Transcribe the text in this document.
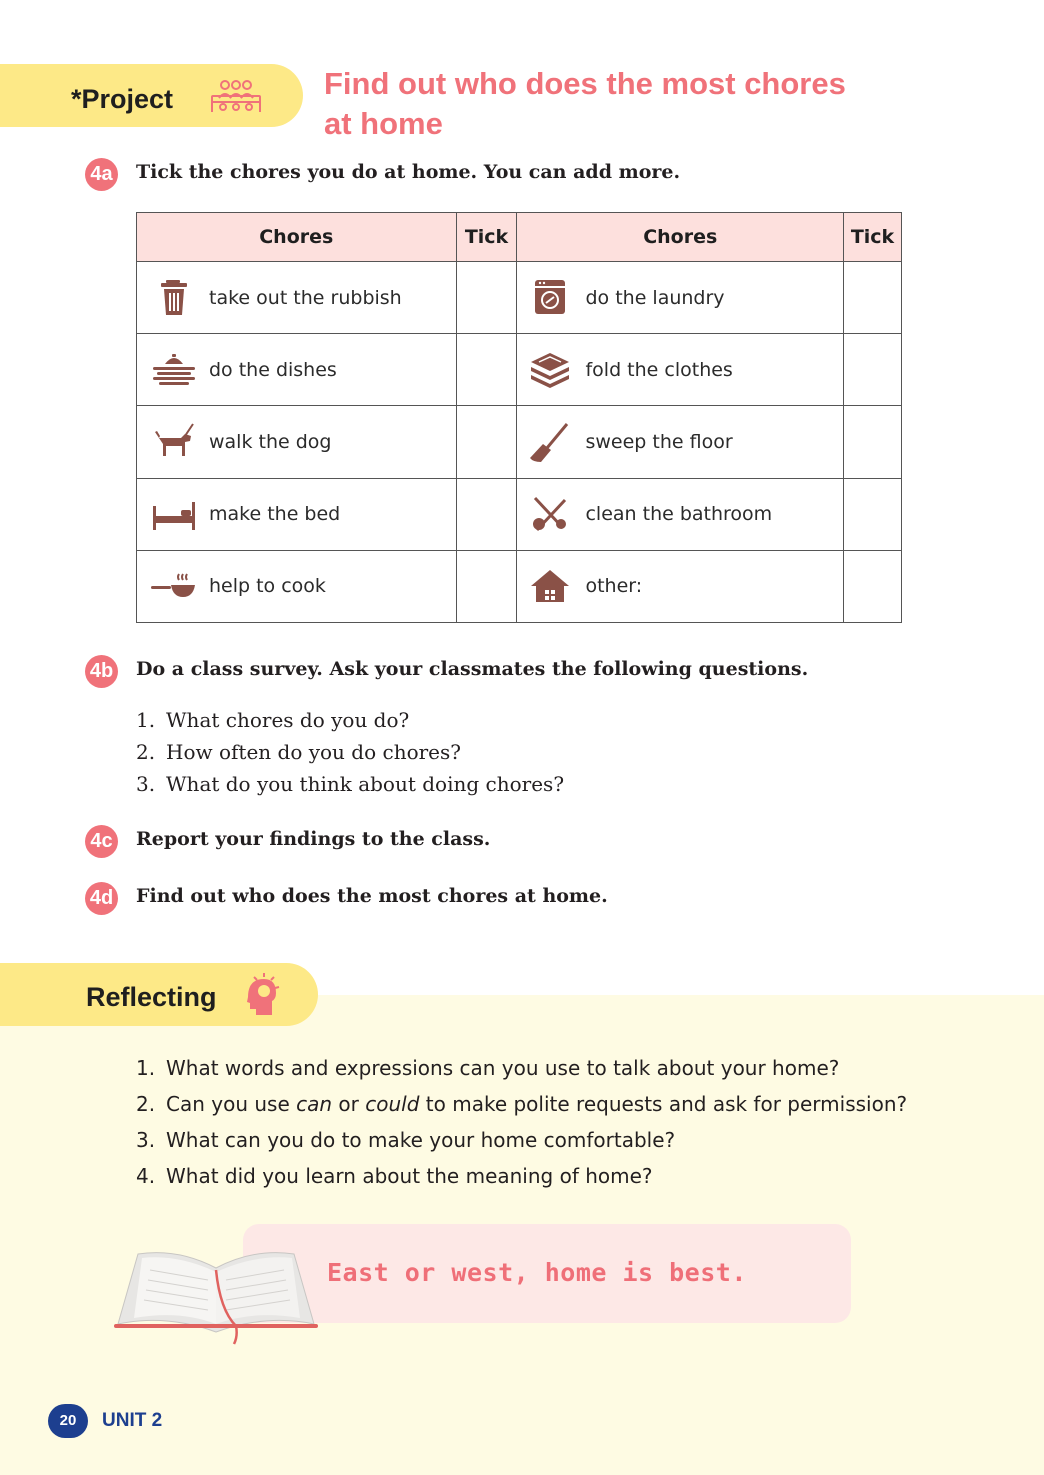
*Project	Find out who does the most chores
at home
4a Tick the chores you do at home. You can add more.
Chores	Tick	Chores	Tick

take out the rubbish		do the laundry	

do the dishes		fold the clothes	

walk the dog		sweep the floor	

make the bed		clean the bathroom	

help to cook		other:	

4b Do a class survey. Ask your classmates the following questions.
1. What chores do you do?
2. How often do you do chores?
3. What do you think about doing chores?
4c Report your findings to the class.
4d Find out who does the most chores at home.
Reflecting
1. What words and expressions can you use to talk about your home?
2. Can you use can or could to make polite requests and ask for permission?
3. What can you do to make your home comfortable?
4. What did you learn about the meaning of home?
East or west, home is best.
20	UNIT 2
